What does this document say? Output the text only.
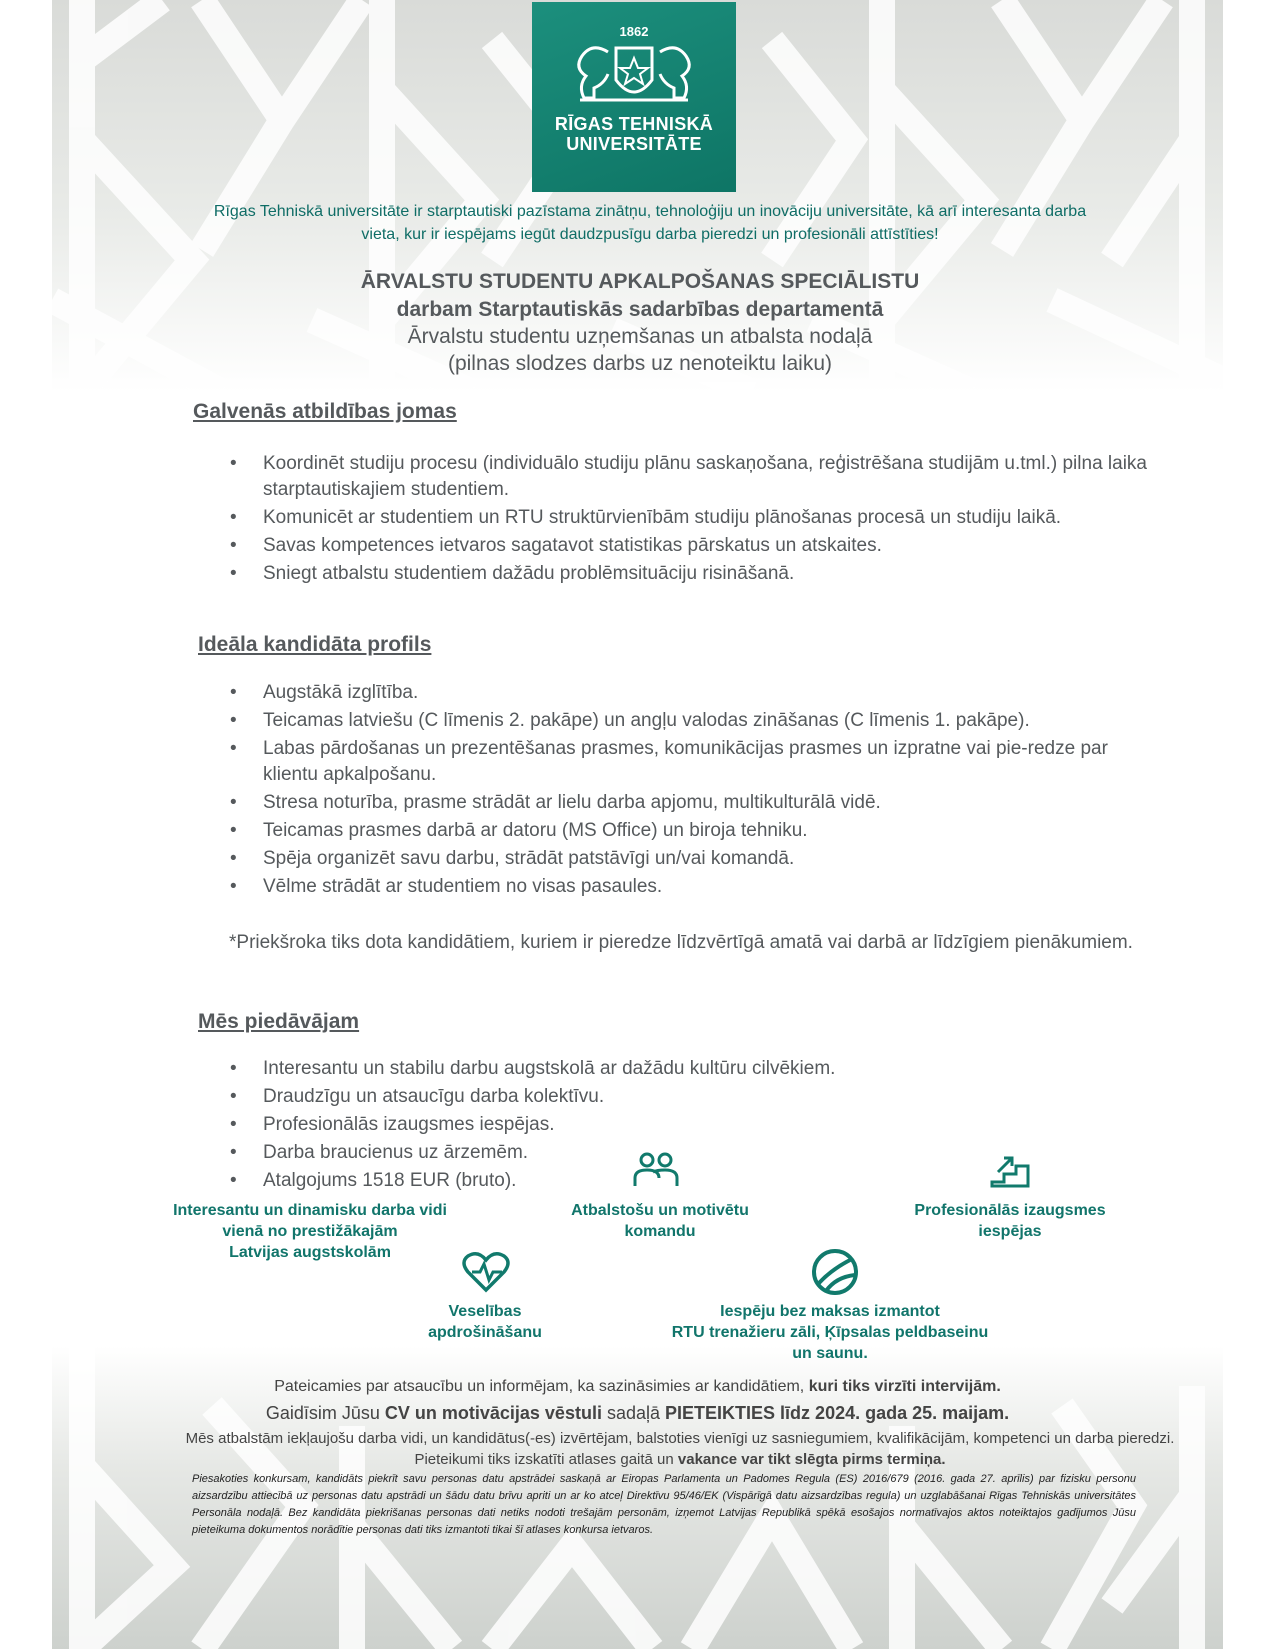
1862
RĪGAS TEHNISKĀ
UNIVERSITĀTE
Rīgas Tehniskā universitāte ir starptautiski pazīstama zinātņu, tehnoloģiju un inovāciju universitāte, kā arī interesanta darba
vieta, kur ir iespējams iegūt daudzpusīgu darba pieredzi un profesionāli attīstīties!
ĀRVALSTU STUDENTU APKALPOŠANAS SPECIĀLISTU
darbam Starptautiskās sadarbības departamentā
Ārvalstu studentu uzņemšanas un atbalsta nodaļā
(pilnas slodzes darbs uz nenoteiktu laiku)
Galvenās atbildības jomas
• Koordinēt studiju procesu (individuālo studiju plānu saskaņošana, reģistrēšana studijām u.tml.) pilna laika starptautiskajiem studentiem.
• Komunicēt ar studentiem un RTU struktūrvienībām studiju plānošanas procesā un studiju laikā.
• Savas kompetences ietvaros sagatavot statistikas pārskatus un atskaites.
• Sniegt atbalstu studentiem dažādu problēmsituāciju risināšanā.
Ideāla kandidāta profils
• Augstākā izglītība.
• Teicamas latviešu (C līmenis 2. pakāpe) un angļu valodas zināšanas (C līmenis 1. pakāpe).
• Labas pārdošanas un prezentēšanas prasmes, komunikācijas prasmes un izpratne vai pie-redze par klientu apkalpošanu.
• Stresa noturība, prasme strādāt ar lielu darba apjomu, multikulturālā vidē.
• Teicamas prasmes darbā ar datoru (MS Office) un biroja tehniku.
• Spēja organizēt savu darbu, strādāt patstāvīgi un/vai komandā.
• Vēlme strādāt ar studentiem no visas pasaules.
*Priekšroka tiks dota kandidātiem, kuriem ir pieredze līdzvērtīgā amatā vai darbā ar līdzīgiem pienākumiem.
Mēs piedāvājam
• Interesantu un stabilu darbu augstskolā ar dažādu kultūru cilvēkiem.
• Draudzīgu un atsaucīgu darba kolektīvu.
• Profesionālās izaugsmes iespējas.
• Darba braucienus uz ārzemēm.
• Atalgojums 1518 EUR (bruto).
Interesantu un dinamisku darba vidi
vienā no prestižākajām
Latvijas augstskolām
Atbalstošu un motivētu
komandu
Profesionālās izaugsmes
iespējas
Veselības
apdrošināšanu
Iespēju bez maksas izmantot
RTU trenažieru zāli, Ķīpsalas peldbaseinu
un saunu.
Pateicamies par atsaucību un informējam, ka sazināsimies ar kandidātiem, kuri tiks virzīti intervijām.
Gaidīsim Jūsu CV un motivācijas vēstuli sadaļā PIETEIKTIES līdz 2024. gada 25. maijam.
Mēs atbalstām iekļaujošu darba vidi, un kandidātus(-es) izvērtējam, balstoties vienīgi uz sasniegumiem, kvalifikācijām, kompetenci un darba pieredzi. Pieteikumi tiks izskatīti atlases gaitā un vakance var tikt slēgta pirms termiņa.
Piesakoties konkursam, kandidāts piekrīt savu personas datu apstrādei saskaņā ar Eiropas Parlamenta un Padomes Regula (ES) 2016/679 (2016. gada 27. aprīlis) par fizisku personu aizsardzību attiecībā uz personas datu apstrādi un šādu datu brīvu apriti un ar ko atceļ Direktīvu 95/46/EK (Vispārīgā datu aizsardzības regula) un uzglabāšanai Rīgas Tehniskās universitātes Personāla nodaļā. Bez kandidāta piekrišanas personas dati netiks nodoti trešajām personām, izņemot Latvijas Republikā spēkā esošajos normatīvajos aktos noteiktajos gadījumos Jūsu pieteikuma dokumentos norādītie personas dati tiks izmantoti tikai šī atlases konkursa ietvaros.
